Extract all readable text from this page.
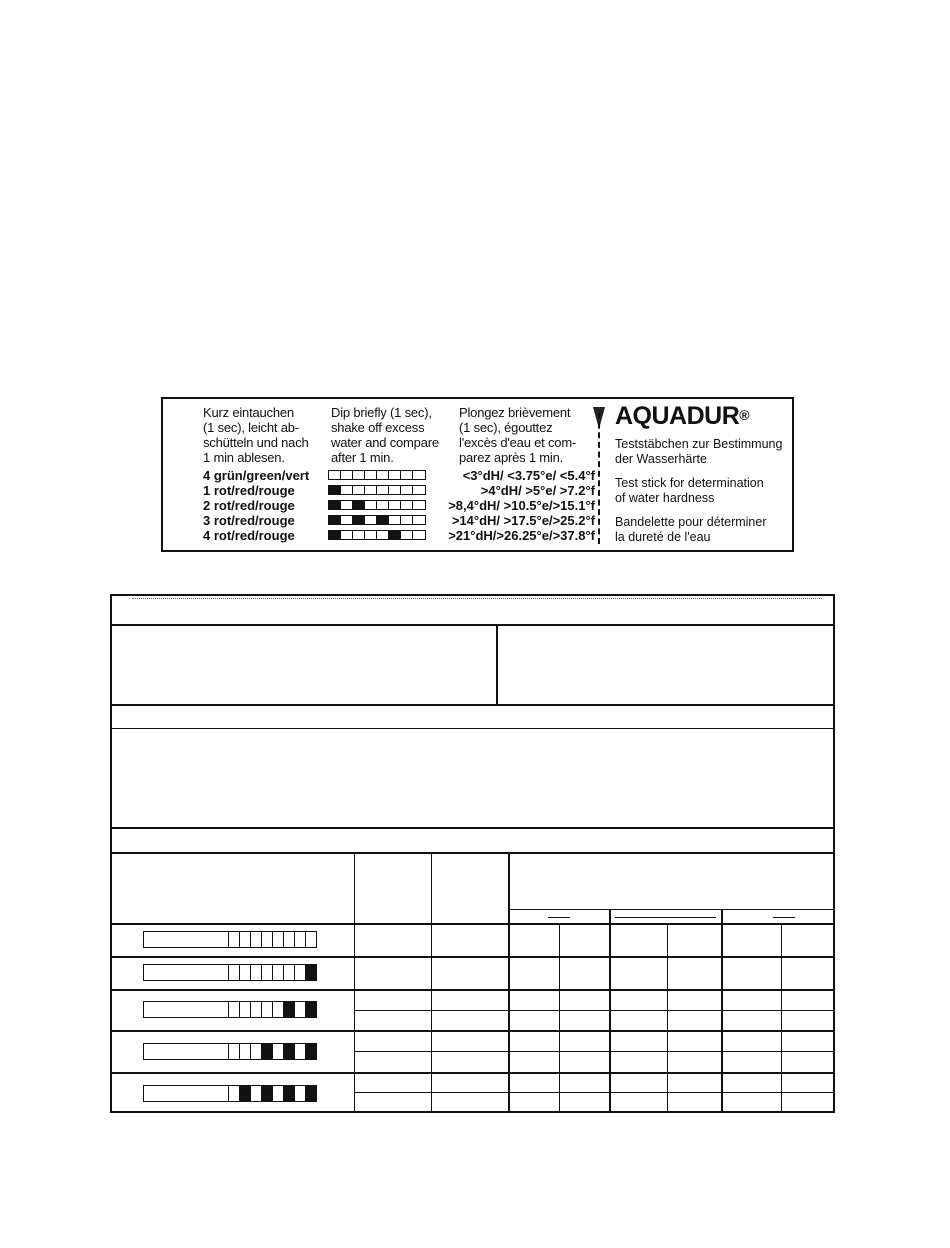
Kurz eintauchen
(1 sec), leicht ab-
schütteln und nach
1 min ablesen.
Dip briefly (1 sec),
shake off excess
water and compare
after 1 min.
Plongez brièvement
(1 sec), égouttez
l'excès d'eau et com-
parez après 1 min.
4 grün/green/vert	<3°dH/ <3.75°e/ <5.4°f
1 rot/red/rouge	>4°dH/ >5°e/ >7.2°f
2 rot/red/rouge	>8,4°dH/ >10.5°e/>15.1°f
3 rot/red/rouge	>14°dH/ >17.5°e/>25.2°f
4 rot/red/rouge	>21°dH/>26.25°e/>37.8°f
AQUADUR®
Teststäbchen zur Bestimmung
der Wasserhärte
Test stick for determination
of water hardness
Bandelette pour déterminer
la dureté de l'eau
